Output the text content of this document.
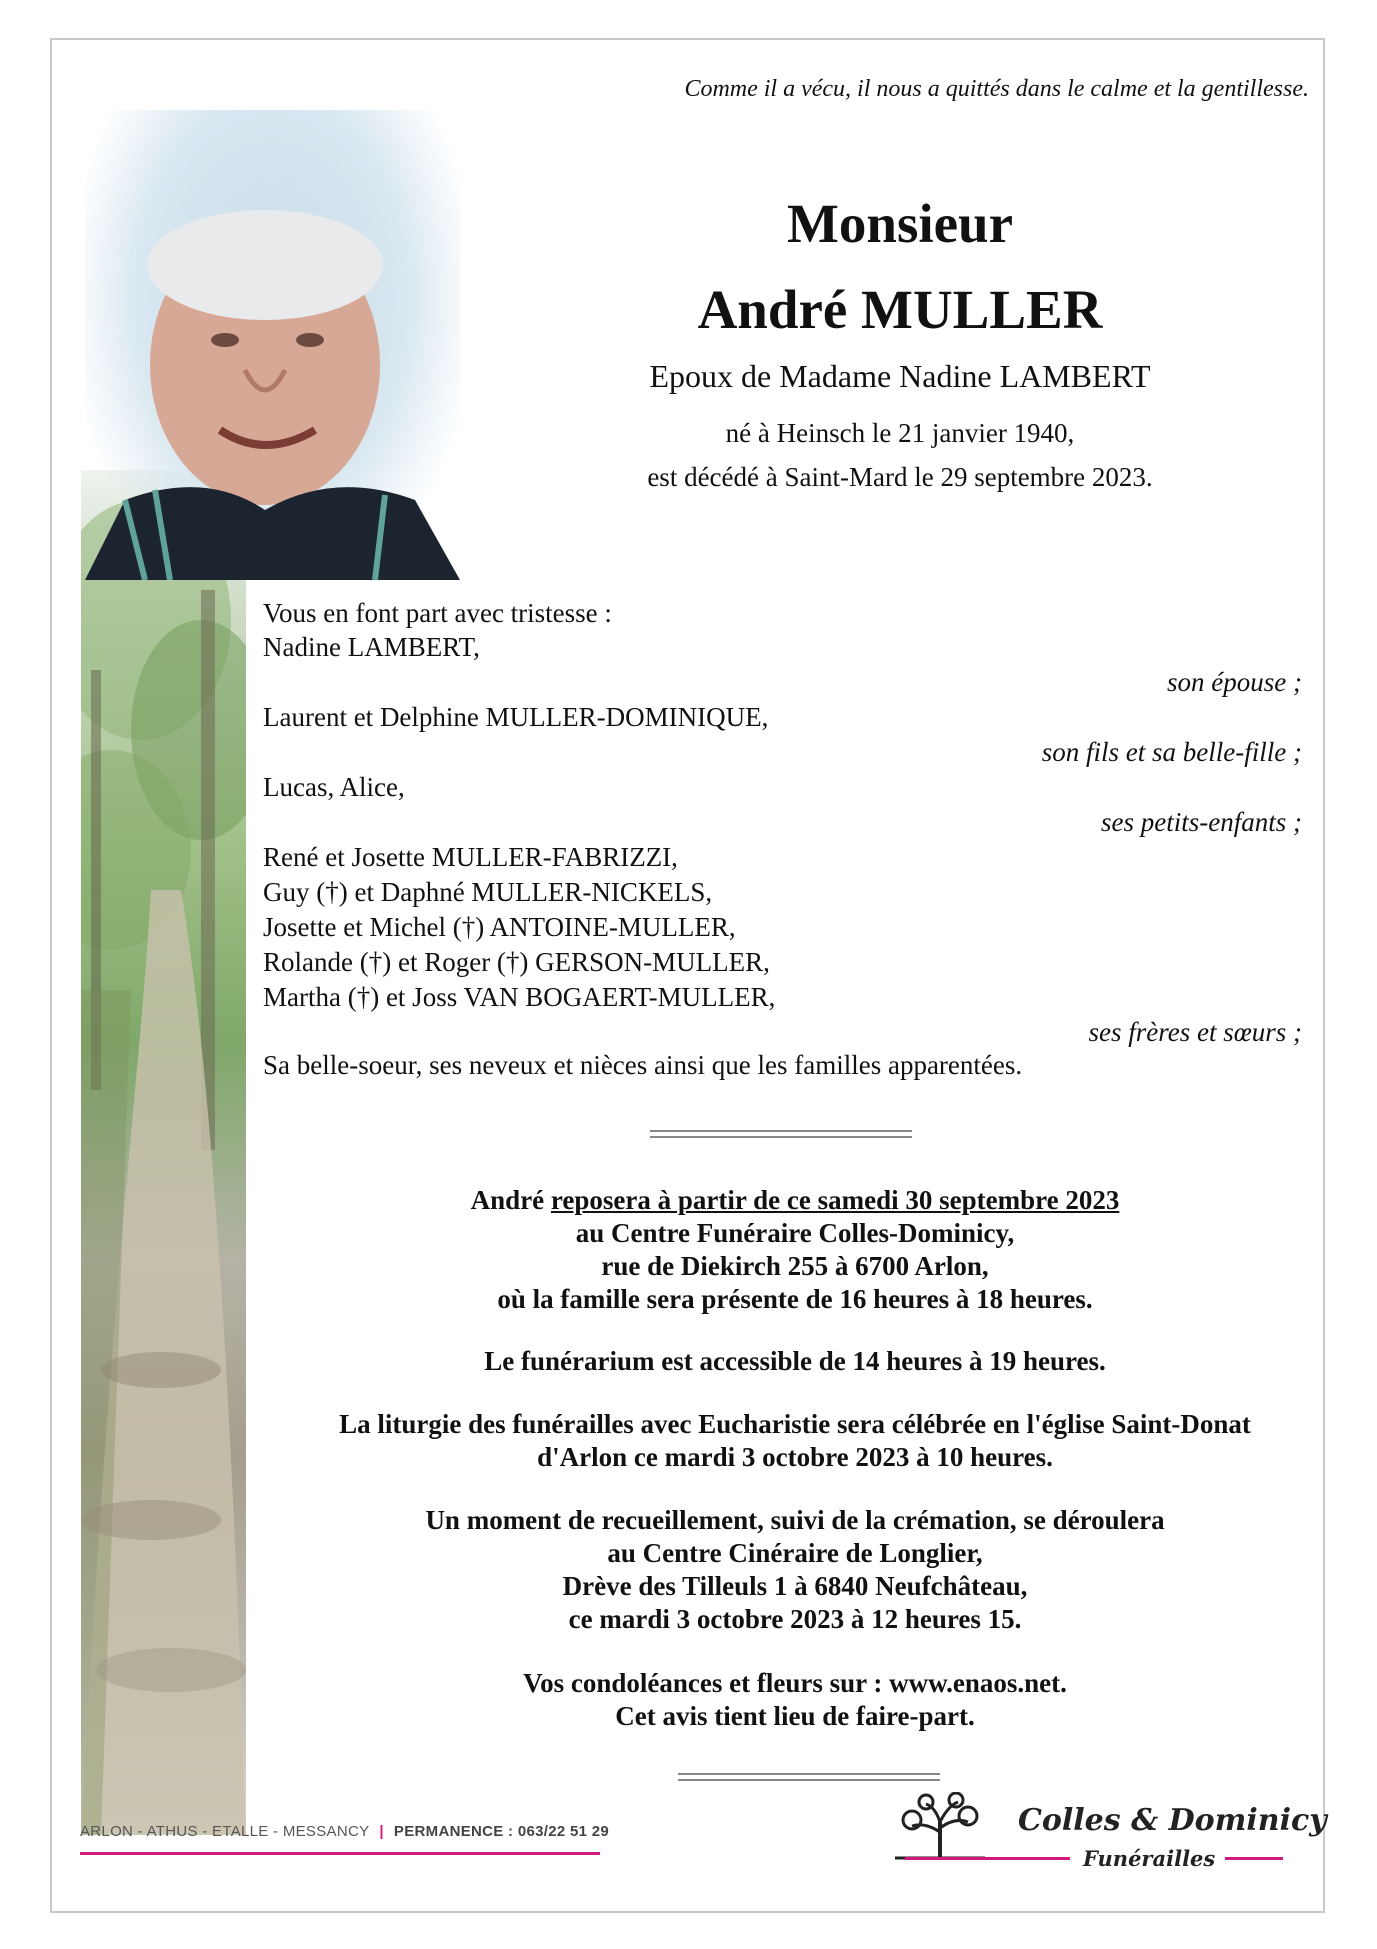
Comme il a vécu, il nous a quittés dans le calme et la gentillesse.
Monsieur
André MULLER
Epoux de Madame Nadine LAMBERT
né à Heinsch le 21 janvier 1940,
est décédé à Saint-Mard le 29 septembre 2023.
Vous en font part avec tristesse :
Nadine LAMBERT,
son épouse ;
Laurent et Delphine MULLER-DOMINIQUE,
son fils et sa belle-fille ;
Lucas, Alice,
ses petits-enfants ;
René et Josette MULLER-FABRIZZI,
Guy (†) et Daphné MULLER-NICKELS,
Josette et Michel (†) ANTOINE-MULLER,
Rolande (†) et Roger (†) GERSON-MULLER,
Martha (†) et Joss VAN BOGAERT-MULLER,
ses frères et sœurs ;
Sa belle-soeur, ses neveux et nièces ainsi que les familles apparentées.
André reposera à partir de ce samedi 30 septembre 2023
au Centre Funéraire Colles-Dominicy,
rue de Diekirch 255 à 6700 Arlon,
où la famille sera présente de 16 heures à 18 heures.
Le funérarium est accessible de 14 heures à 19 heures.
La liturgie des funérailles avec Eucharistie sera célébrée en l'église Saint-Donat
d'Arlon ce mardi 3 octobre 2023 à 10 heures.
Un moment de recueillement, suivi de la crémation, se déroulera
au Centre Cinéraire de Longlier,
Drève des Tilleuls 1 à 6840 Neufchâteau,
ce mardi 3 octobre 2023 à 12 heures 15.
Vos condoléances et fleurs sur : www.enaos.net.
Cet avis tient lieu de faire-part.
ARLON - ATHUS - ETALLE - MESSANCY | PERMANENCE : 063/22 51 29	Colles & Dominicy
Funérailles
